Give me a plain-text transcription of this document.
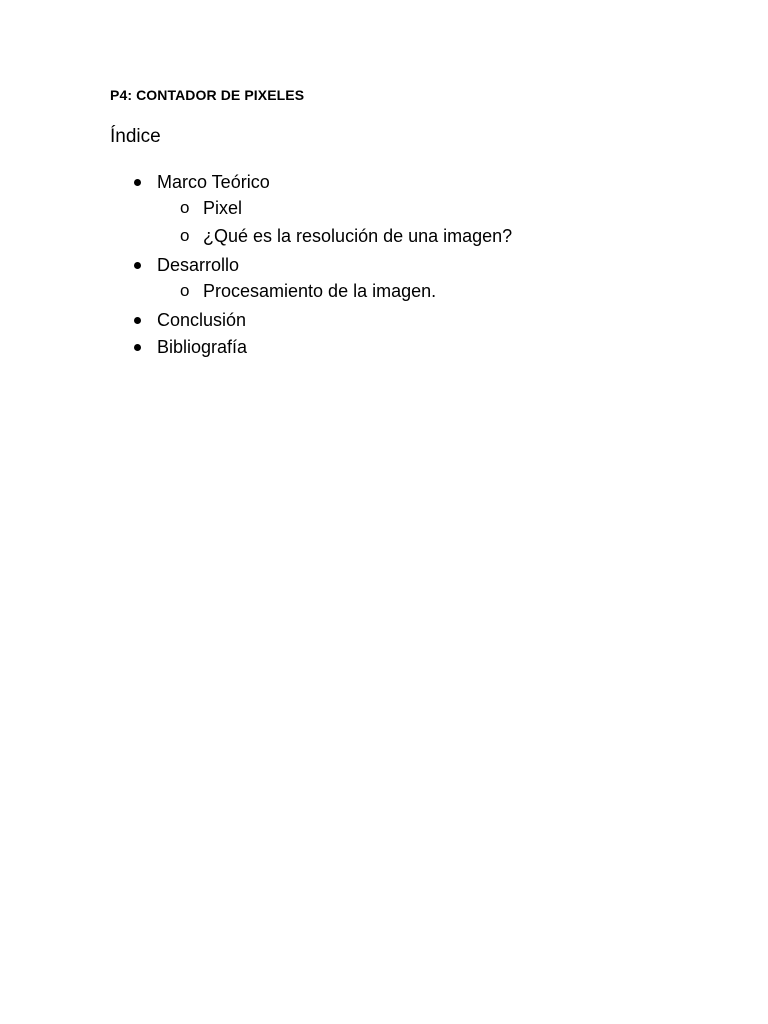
P4: CONTADOR DE PIXELES
Índice
Marco Teórico
o Pixel
o ¿Qué es la resolución de una imagen?
Desarrollo
o Procesamiento de la imagen.
Conclusión
Bibliografía
